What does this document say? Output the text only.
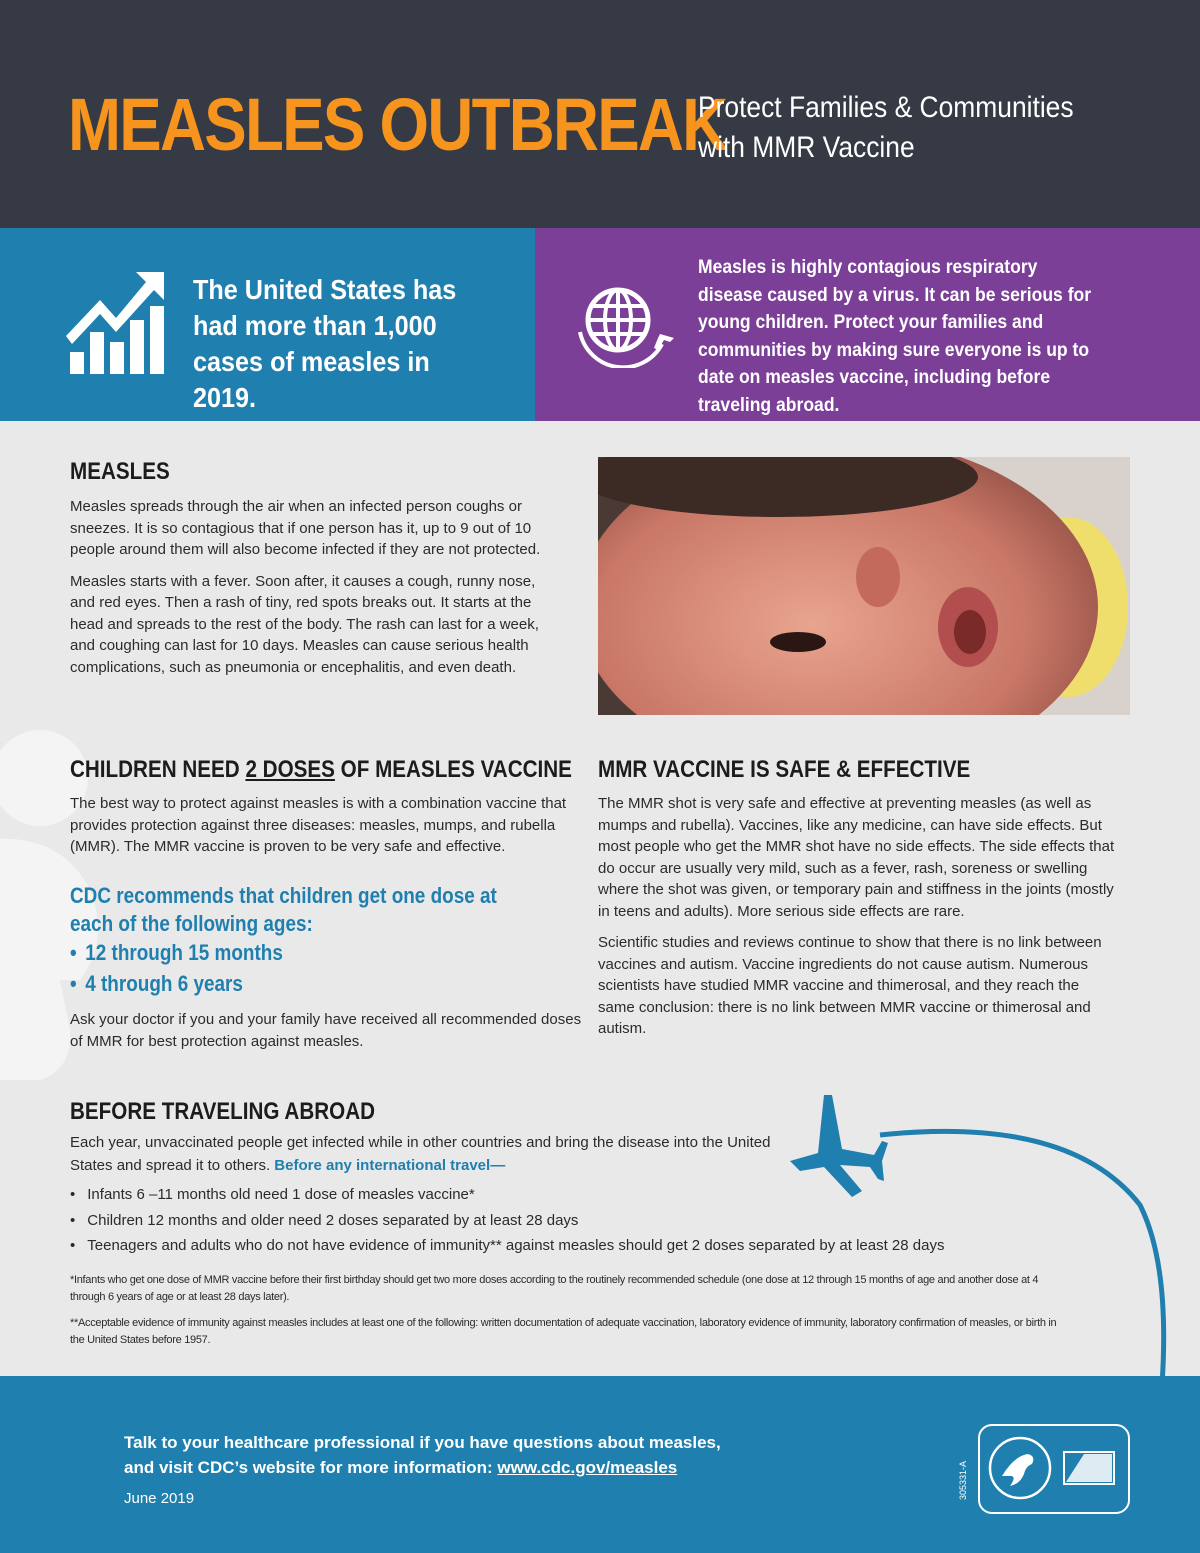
MEASLES OUTBREAK
Protect Families & Communities
with MMR Vaccine
The United States has had more than 1,000 cases of measles in 2019.
Measles is highly contagious respiratory disease caused by a virus. It can be serious for young children. Protect your families and communities by making sure everyone is up to date on measles vaccine, including before traveling abroad.
MEASLES

Measles spreads through the air when an infected person coughs or sneezes. It is so contagious that if one person has it, up to 9 out of 10 people around them will also become infected if they are not protected.

Measles starts with a fever. Soon after, it causes a cough, runny nose, and red eyes. Then a rash of tiny, red spots breaks out. It starts at the head and spreads to the rest of the body. The rash can last for a week, and coughing can last for 10 days. Measles can cause serious health complications, such as pneumonia or encephalitis, and even death.

CHILDREN NEED 2 DOSES OF MEASLES VACCINE
The best way to protect against measles is with a combination vaccine that provides protection against three diseases: measles, mumps, and rubella (MMR). The MMR vaccine is proven to be very safe and effective.
CDC recommends that children get one dose at each of the following ages:
• 12 through 15 months
• 4 through 6 years
Ask your doctor if you and your family have received all recommended doses of MMR for best protection against measles.
MMR VACCINE IS SAFE & EFFECTIVE

The MMR shot is very safe and effective at preventing measles (as well as mumps and rubella). Vaccines, like any medicine, can have side effects. But most people who get the MMR shot have no side effects. The side effects that do occur are usually very mild, such as a fever, rash, soreness or swelling where the shot was given, or temporary pain and stiffness in the joints (mostly in teens and adults). More serious side effects are rare.

Scientific studies and reviews continue to show that there is no link between vaccines and autism. Vaccine ingredients do not cause autism. Numerous scientists have studied MMR vaccine and thimerosal, and they reach the same conclusion: there is no link between MMR vaccine or thimerosal and autism.

BEFORE TRAVELING ABROAD
Each year, unvaccinated people get infected while in other countries and bring the disease into the United States and spread it to others. Before any international travel—
• Infants 6 –11 months old need 1 dose of measles vaccine*
• Children 12 months and older need 2 doses separated by at least 28 days
• Teenagers and adults who do not have evidence of immunity** against measles should get 2 doses separated by at least 28 days
*Infants who get one dose of MMR vaccine before their first birthday should get two more doses according to the routinely recommended schedule (one dose at 12 through 15 months of age and another dose at 4 through 6 years of age or at least 28 days later).
**Acceptable evidence of immunity against measles includes at least one of the following: written documentation of adequate vaccination, laboratory evidence of immunity, laboratory confirmation of measles, or birth in the United States before 1957.
Talk to your healthcare professional if you have questions about measles,
and visit CDC’s website for more information: www.cdc.gov/measles
June 2019	305331-A
